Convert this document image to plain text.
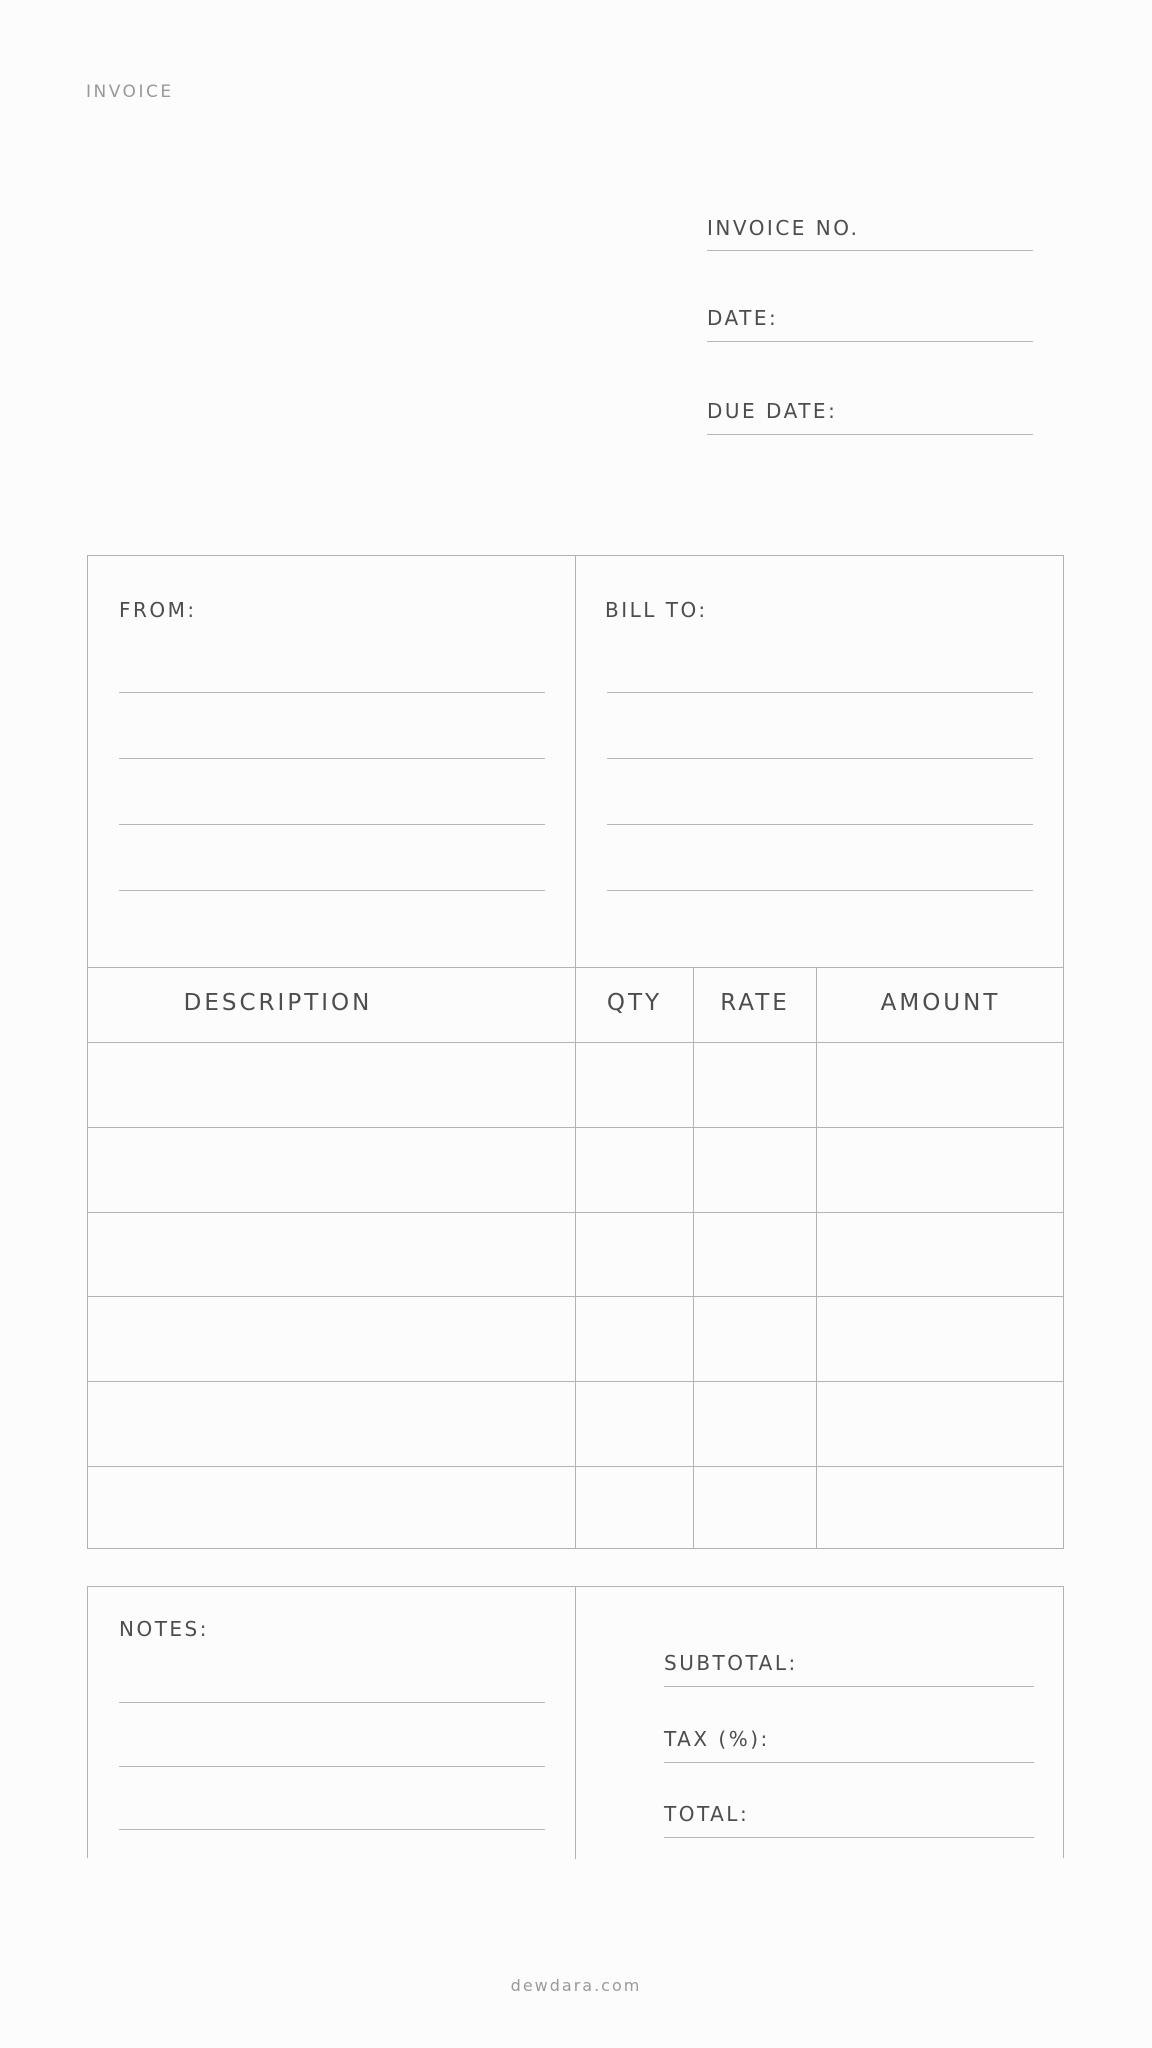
INVOICE
INVOICE NO.
DATE:
DUE DATE:
FROM:	BILL TO:
DESCRIPTION	QTY	RATE	AMOUNT
NOTES:
SUBTOTAL:
TAX (%):
TOTAL:
dewdara.com
